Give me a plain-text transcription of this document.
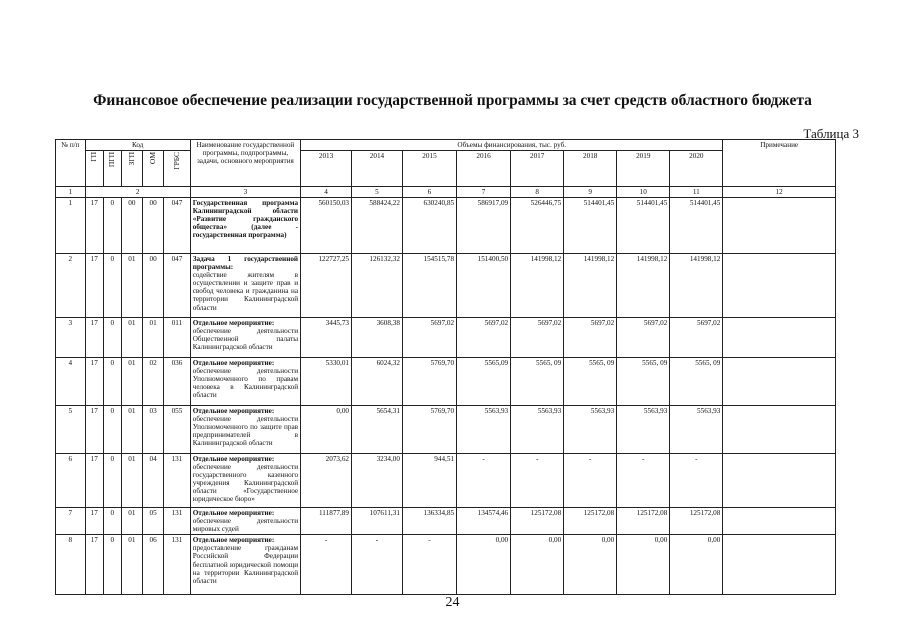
Финансовое обеспечение реализации государственной программы за счет средств областного бюджета
Таблица 3
№ п/п	Код					Наименование государственной программы, подпрограммы, задачи, основного мероприятия	Объемы финансирования, тыс. руб.								Примечание
	ГП	ПГП	ЗГП	ОМ	ГРБС		2013	2014	2015	2016	2017	2018	2019	2020	
1	2					3	4	5	6	7	8	9	10	11	12
1	17	0	00	00	047	Государственная программа Калининградской области «Развитие гражданского общества» (далее - государственная программа)	560150,03	588424,22	630240,85	586917,09	526446,75	514401,45	514401,45	514401,45	
2	17	0	01	00	047	Задача 1 государственной программы:
содействие жителям в осуществлении и защите прав и свобод человека и гражданина на территории Калининградской области	122727,25	126132,32	154515,78	151400,50	141998,12	141998,12	141998,12	141998,12	
3	17	0	01	01	011	Отдельное мероприятие:
обеспечение деятельности Общественной палаты Калининградской области	3445,73	3608,38	5697,02	5697,02	5697,02	5697,02	5697,02	5697,02	
4	17	0	01	02	036	Отдельное мероприятие:
обеспечение деятельности Уполномоченного по правам человека в Калининградской области	5330,01	6024,32	5769,70	5565,09	5565, 09	5565, 09	5565, 09	5565, 09	
5	17	0	01	03	055	Отдельное мероприятие:
обеспечение деятельности Уполномоченного по защите прав предпринимателей в Калининградской области	0,00	5654,31	5769,70	5563,93	5563,93	5563,93	5563,93	5563,93	
6	17	0	01	04	131	Отдельное мероприятие:
обеспечение деятельности государственного казенного учреждения Калининградской области «Государственное юридическое бюро»	2073,62	3234,00	944,51	-	-	-	-	-	
7	17	0	01	05	131	Отдельное мероприятие:
обеспечение деятельности мировых судей	111877,89	107611,31	136334,85	134574,46	125172,08	125172,08	125172,08	125172,08	
8	17	0	01	06	131	Отдельное мероприятие:
предоставление гражданам Российской Федерации бесплатной юридической помощи на территории Калининградской области	-	-	-	0,00	0,00	0,00	0,00	0,00	
24
